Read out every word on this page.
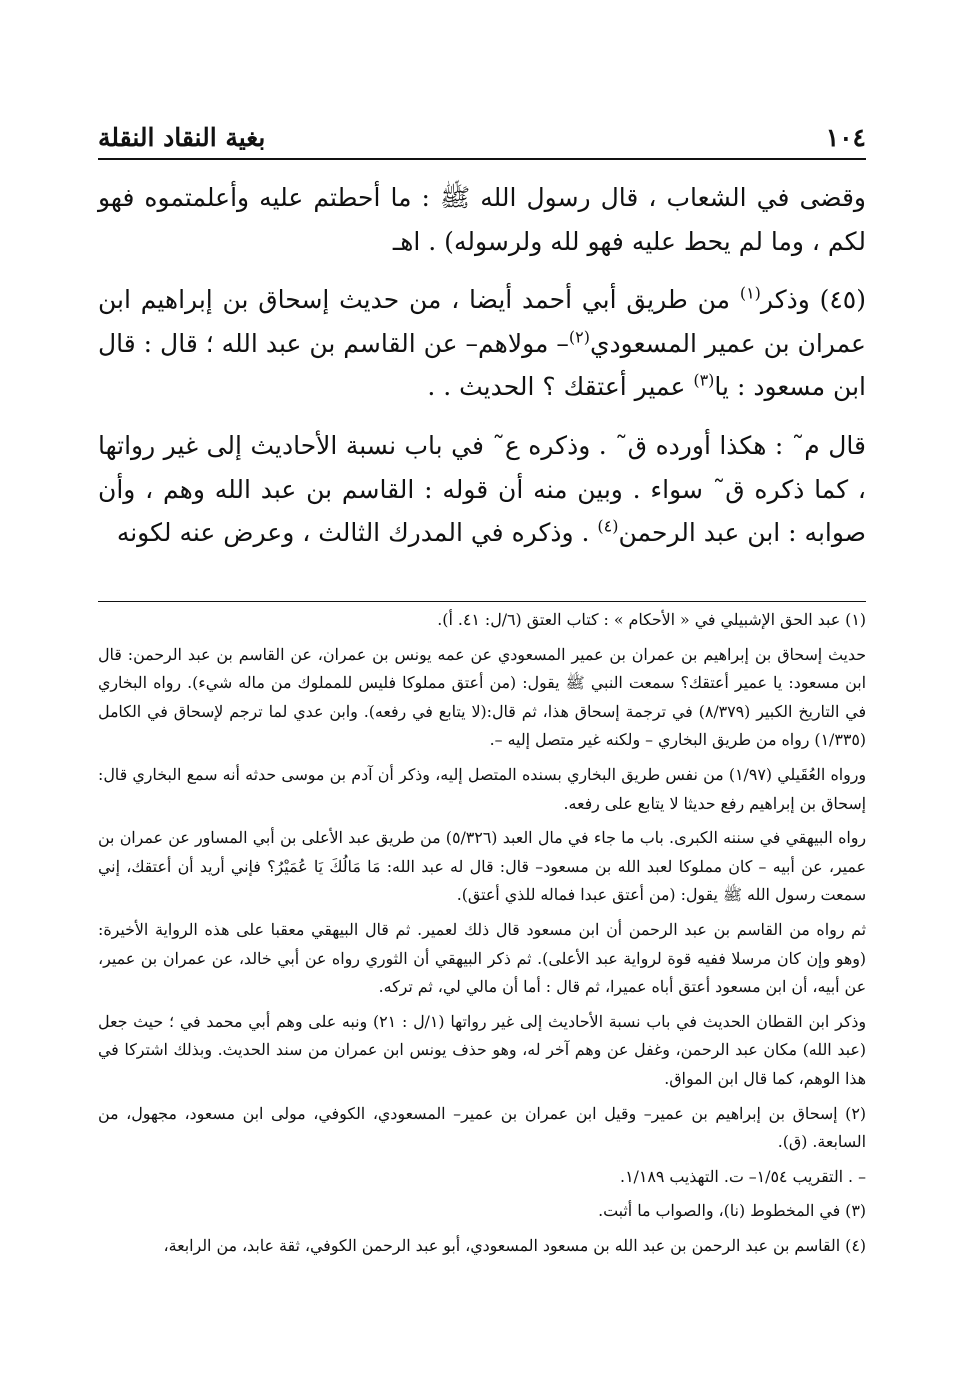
١٠٤
بغية النقاد النقلة

وقضى في الشعاب ، قال رسول الله ﷺ : ما أحطتم عليه وأعلمتموه فهو لكم ، وما لم يحط عليه فهو لله ولرسوله) . اهـ

(٤٥) وذكر$^{(١)}$ من طريق أبي أحمد أيضا ، من حديث إسحاق بن إبراهيم ابن عمران بن عمير المسعودي$^{(٢)}$– مولاهم– عن القاسم بن عبد الله ؛ قال : قال ابن مسعود : يا$^{(٣)}$ عمير أعتقك ؟ الحديث . .

قال م˜ : هكذا أورده ق˜ . وذكره ع˜ في باب نسبة الأحاديث إلى غير رواتها ، كما ذكره ق˜ سواء . وبين منه أن قوله : القاسم بن عبد الله وهم ، وأن صوابه : ابن عبد الرحمن$^{(٤)}$ . وذكره في المدرك الثالث ، وعرض عنه لكونه

(١) عبد الحق الإشبيلي في « الأحكام » : كتاب العتق (٦/ل: ٤١. أ).

حديث إسحاق بن إبراهيم بن عمران بن عمير المسعودي عن عمه يونس بن عمران، عن القاسم بن عبد الرحمن: قال ابن مسعود: يا عمير أعتقك؟ سمعت النبي ﷺ يقول: (من أعتق مملوكا فليس للمملوك من ماله شيء). رواه البخاري في التاريخ الكبير (٨/٣٧٩) في ترجمة إسحاق هذا، ثم قال:(لا يتابع في رفعه). وابن عدي لما ترجم لإسحاق في الكامل (١/٣٣٥) رواه من طريق البخاري – ولكنه غير متصل إليه –.

ورواه العُقَيلي (١/٩٧) من نفس طريق البخاري بسنده المتصل إليه، وذكر أن آدم بن موسى حدثه أنه سمع البخاري قال: إسحاق بن إبراهيم رفع حديثا لا يتابع على رفعه.

رواه البيهقي في سننه الكبرى. باب ما جاء في مال العبد (٥/٣٢٦) من طريق عبد الأعلى بن أبي المساور عن عمران بن عمير، عن أبيه – كان مملوكا لعبد الله بن مسعود– قال: قال له عبد الله: مَا مَالُكَ يَا عُمَيْرُ؟ فإني أريد أن أعتقك، إني سمعت رسول الله ﷺ يقول: (من أعتق عبدا فماله للذي أعتق).

ثم رواه من القاسم بن عبد الرحمن أن ابن مسعود قال ذلك لعمير. ثم قال البيهقي معقبا على هذه الرواية الأخيرة: (وهو وإن كان مرسلا ففيه قوة لرواية عبد الأعلى). ثم ذكر البيهقي أن الثوري رواه عن أبي خالد، عن عمران بن عمير، عن أبيه، أن ابن مسعود أعتق أباه عميرا، ثم قال : أما أن مالي لي، ثم تركه.

وذكر ابن القطان الحديث في باب نسبة الأحاديث إلى غير رواتها (١/ل : ٢١) ونبه على وهم أبي محمد في ؛ حيث جعل (عبد الله) مكان عبد الرحمن، وغفل عن وهم آخر له، وهو حذف يونس ابن عمران من سند الحديث. وبذلك اشتركا في هذا الوهم، كما قال ابن المواق.

(٢) إسحاق بن إبراهيم بن عمير– وقيل ابن عمران بن عمير– المسعودي، الكوفي، مولى ابن مسعود، مجهول، من السابعة. (ق).

– . التقريب ١/٥٤– ت. التهذيب ١/١٨٩.

(٣) في المخطوط (نا)، والصواب ما أثبت.

(٤) القاسم بن عبد الرحمن بن عبد الله بن مسعود المسعودي، أبو عبد الرحمن الكوفي، ثقة عابد، من الرابعة،
